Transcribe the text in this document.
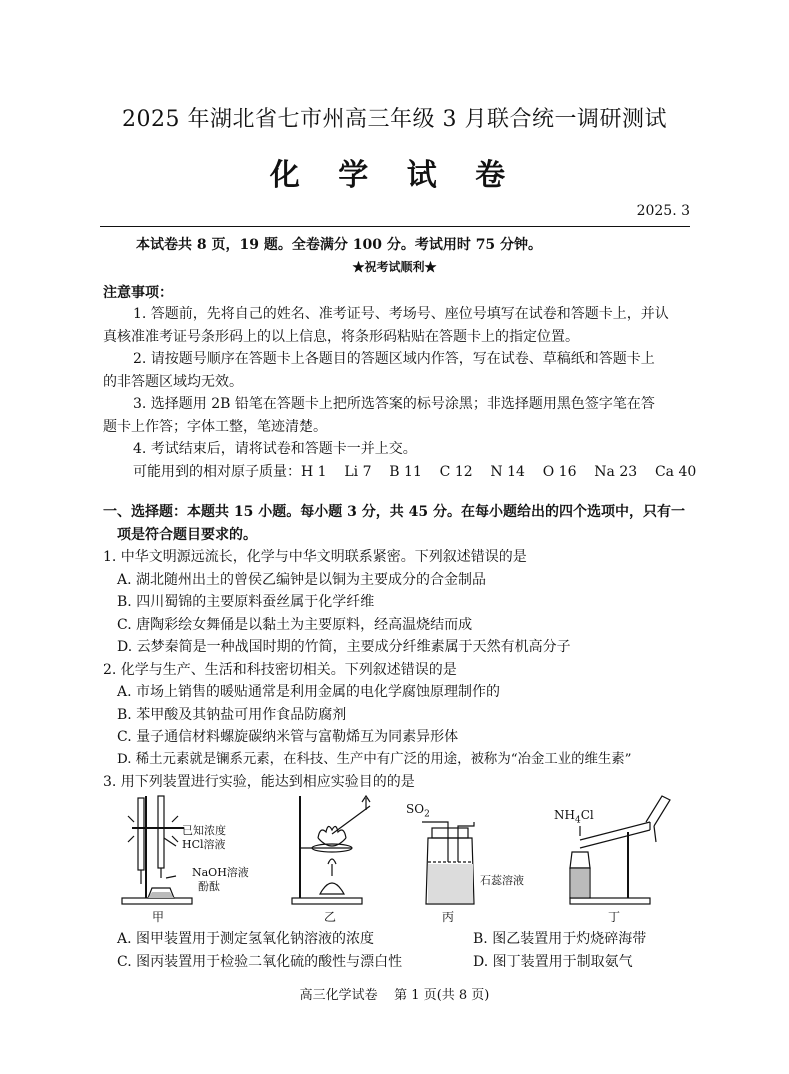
2025 年湖北省七市州高三年级 3 月联合统一调研测试
化 学 试 卷
2025. 3
本试卷共 8 页，19 题。全卷满分 100 分。考试用时 75 分钟。
★祝考试顺利★
注意事项：
1. 答题前，先将自己的姓名、准考证号、考场号、座位号填写在试卷和答题卡上，并认
真核准准考证号条形码上的以上信息，将条形码粘贴在答题卡上的指定位置。
2. 请按题号顺序在答题卡上各题目的答题区域内作答，写在试卷、草稿纸和答题卡上
的非答题区域均无效。
3. 选择题用 2B 铅笔在答题卡上把所选答案的标号涂黑；非选择题用黑色签字笔在答
题卡上作答；字体工整，笔迹清楚。
4. 考试结束后，请将试卷和答题卡一并上交。
可能用到的相对原子质量：H 1    Li 7    B 11    C 12    N 14    O 16    Na 23    Ca 40
一、选择题：本题共 15 小题。每小题 3 分，共 45 分。在每小题给出的四个选项中，只有一
项是符合题目要求的。
1. 中华文明源远流长，化学与中华文明联系紧密。下列叙述错误的是
A. 湖北随州出土的曾侯乙编钟是以铜为主要成分的合金制品
B. 四川蜀锦的主要原料蚕丝属于化学纤维
C. 唐陶彩绘女舞俑是以黏土为主要原料，经高温烧结而成
D. 云梦秦简是一种战国时期的竹简，主要成分纤维素属于天然有机高分子
2. 化学与生产、生活和科技密切相关。下列叙述错误的是
A. 市场上销售的暖贴通常是利用金属的电化学腐蚀原理制作的
B. 苯甲酸及其钠盐可用作食品防腐剂
C. 量子通信材料螺旋碳纳米管与富勒烯互为同素异形体
D. 稀土元素就是镧系元素，在科技、生产中有广泛的用途，被称为“冶金工业的维生素”
3. 用下列装置进行实验，能达到相应实验目的的是
已知浓度
HCl溶液
NaOH溶液
酚酞
甲	乙
$SO_2$
石蕊溶液
丙
$NH_4Cl$
丁
A. 图甲装置用于测定氢氧化钠溶液的浓度	B. 图乙装置用于灼烧碎海带
C. 图丙装置用于检验二氧化硫的酸性与漂白性	D. 图丁装置用于制取氨气
高三化学试卷    第 1 页(共 8 页)
